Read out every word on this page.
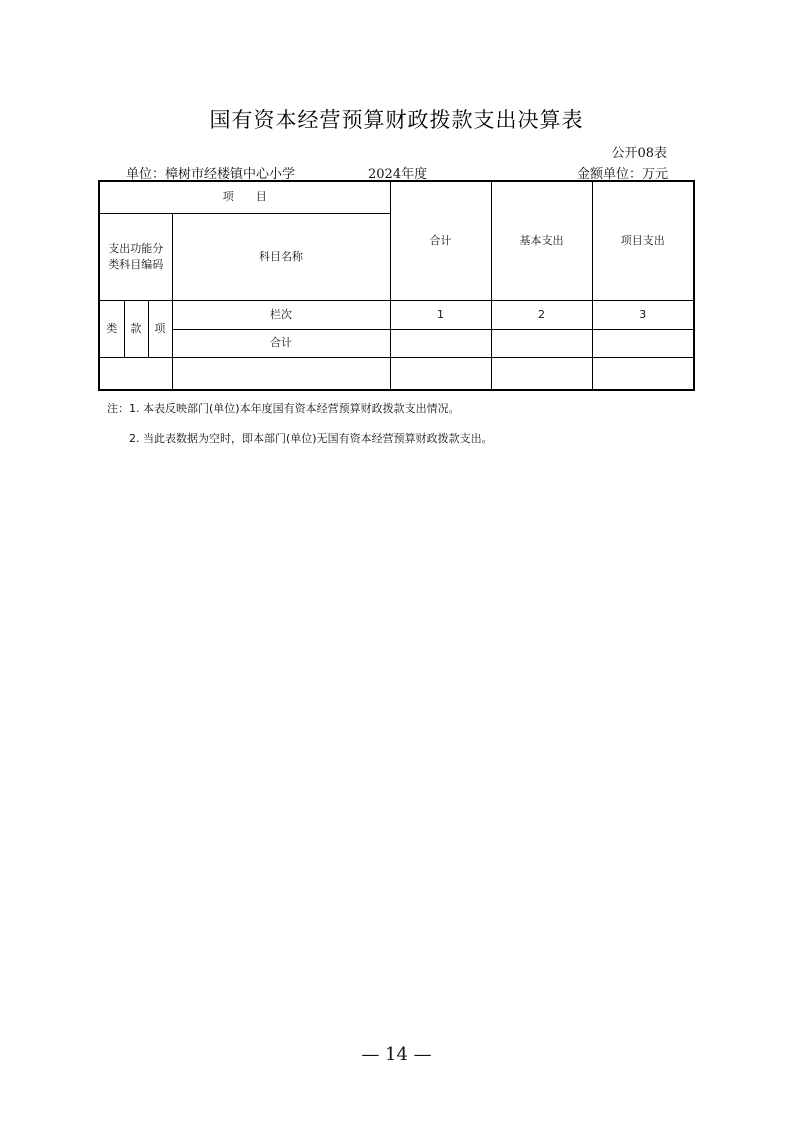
国有资本经营预算财政拨款支出决算表
公开08表
单位：樟树市经楼镇中心小学	2024年度	金额单位：万元
项　　目				合计	基本支出	项目支出
支出功能分类科目编码			科目名称			
类	款	项	栏次	1	2	3
			合计			

注：1. 本表反映部门(单位)本年度国有资本经营预算财政拨款支出情况。
2. 当此表数据为空时，即本部门(单位)无国有资本经营预算财政拨款支出。
— 14 —
